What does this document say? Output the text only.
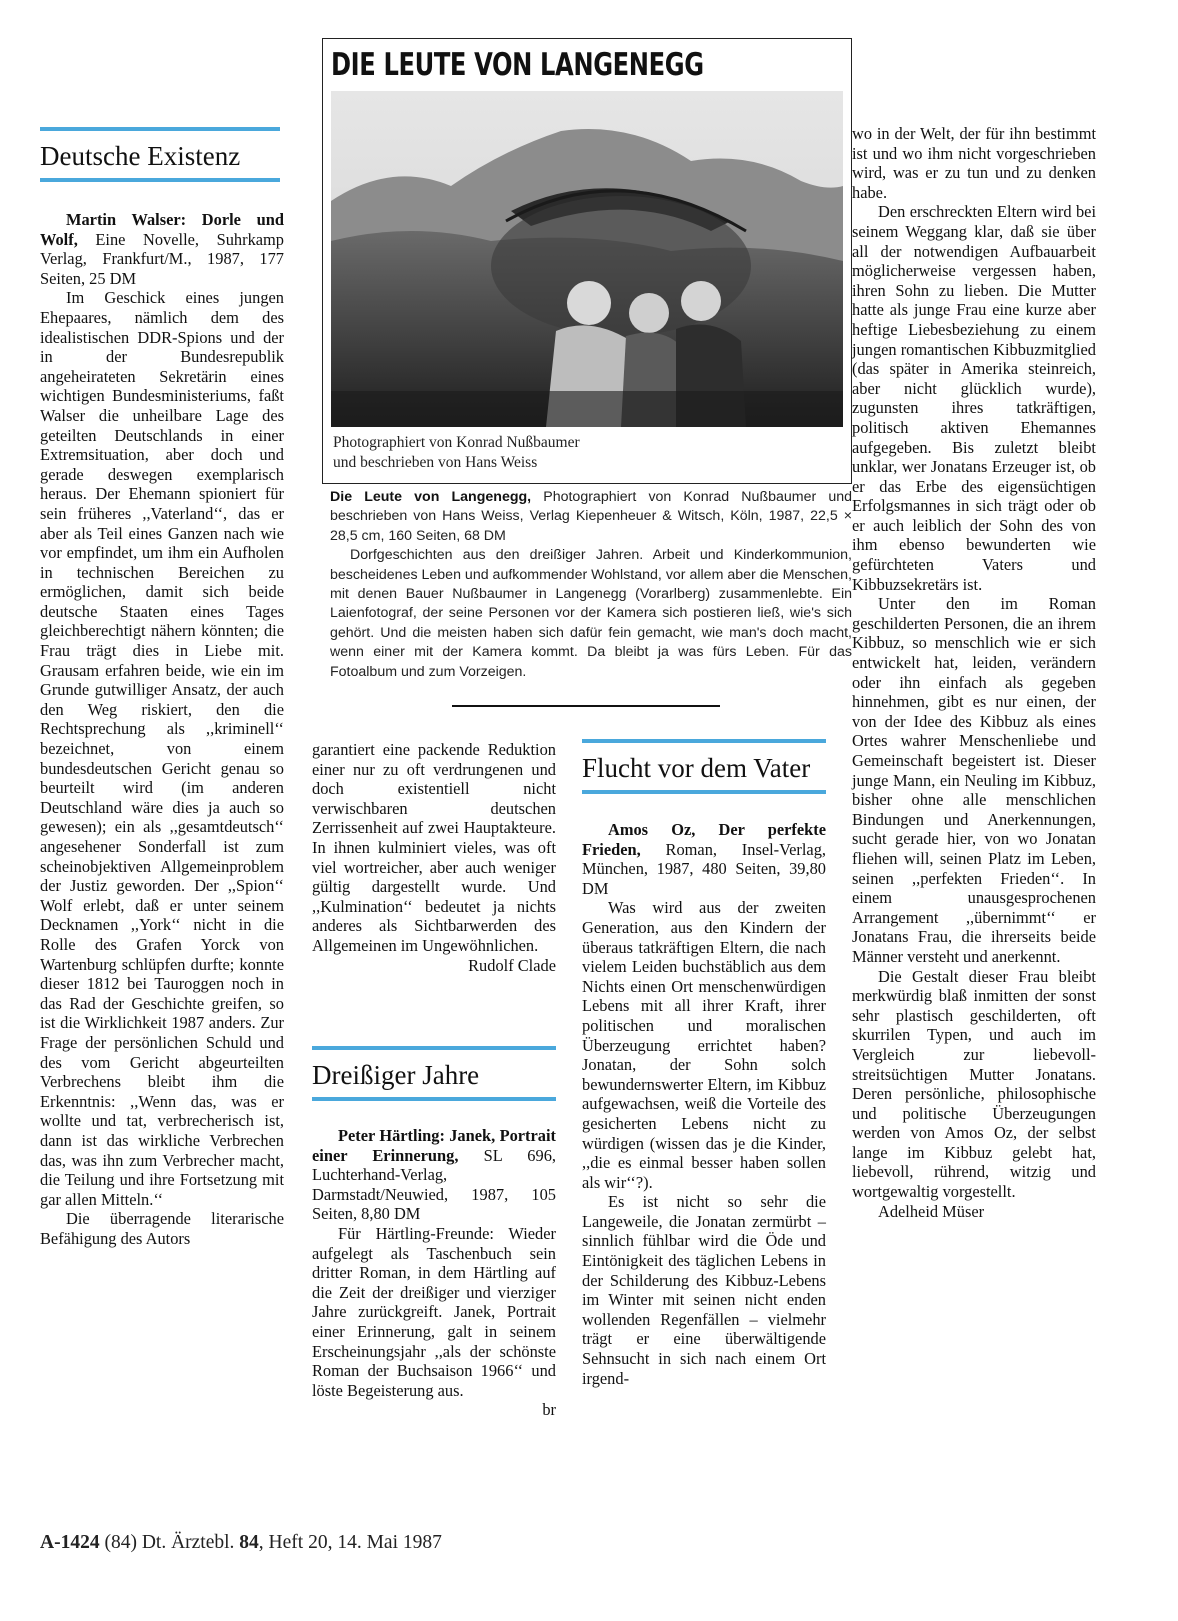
DIE LEUTE VON LANGENEGG
Photographiert von Konrad Nußbaumer
und beschrieben von Hans Weiss

Die Leute von Langenegg, Photographiert von Konrad Nußbaumer und beschrieben von Hans Weiss, Verlag Kiepenheuer & Witsch, Köln, 1987, 22,5 × 28,5 cm, 160 Seiten, 68 DM

Dorfgeschichten aus den dreißiger Jahren. Arbeit und Kinderkommunion, bescheidenes Leben und aufkommender Wohlstand, vor allem aber die Menschen, mit denen Bauer Nußbaumer in Langenegg (Vorarlberg) zusammenlebte. Ein Laienfotograf, der seine Personen vor der Kamera sich postieren ließ, wie's sich gehört. Und die meisten haben sich dafür fein gemacht, wie man's doch macht, wenn einer mit der Kamera kommt. Da bleibt ja was fürs Leben. Für das Fotoalbum und zum Vorzeigen.

Deutsche Existenz

Martin Walser: Dorle und Wolf, Eine Novelle, Suhrkamp Verlag, Frankfurt/M., 1987, 177 Seiten, 25 DM

Im Geschick eines jungen Ehepaares, nämlich dem des idealistischen DDR-Spions und der in der Bundesrepublik angeheirateten Sekretärin eines wichtigen Bundesministeriums, faßt Walser die unheilbare Lage des geteilten Deutschlands in einer Extremsituation, aber doch und gerade deswegen exemplarisch heraus. Der Ehemann spioniert für sein früheres ,,Vaterland‘‘, das er aber als Teil eines Ganzen nach wie vor empfindet, um ihm ein Aufholen in technischen Bereichen zu ermöglichen, damit sich beide deutsche Staaten eines Tages gleichberechtigt nähern könnten; die Frau trägt dies in Liebe mit. Grausam erfahren beide, wie ein im Grunde gutwilliger Ansatz, der auch den Weg riskiert, den die Rechtsprechung als ,,kriminell‘‘ bezeichnet, von einem bundesdeutschen Gericht genau so beurteilt wird (im anderen Deutschland wäre dies ja auch so gewesen); ein als ,,gesamtdeutsch‘‘ angesehener Sonderfall ist zum scheinobjektiven Allgemeinproblem der Justiz geworden. Der ,,Spion‘‘ Wolf erlebt, daß er unter seinem Decknamen ,,York‘‘ nicht in die Rolle des Grafen Yorck von Wartenburg schlüpfen durfte; konnte dieser 1812 bei Tauroggen noch in das Rad der Geschichte greifen, so ist die Wirklichkeit 1987 anders. Zur Frage der persönlichen Schuld und des vom Gericht abgeurteilten Verbrechens bleibt ihm die Erkenntnis: ,,Wenn das, was er wollte und tat, verbrecherisch ist, dann ist das wirkliche Verbrechen das, was ihn zum Verbrecher macht, die Teilung und ihre Fortsetzung mit gar allen Mitteln.‘‘

Die überragende literarische Befähigung des Autors

garantiert eine packende Reduktion einer nur zu oft verdrungenen und doch existentiell nicht verwischbaren deutschen Zerrissenheit auf zwei Hauptakteure. In ihnen kulminiert vieles, was oft viel wortreicher, aber auch weniger gültig dargestellt wurde. Und ,,Kulmination‘‘ bedeutet ja nichts anderes als Sichtbarwerden des Allgemeinen im Ungewöhnlichen.

Rudolf Clade

Dreißiger Jahre

Peter Härtling: Janek, Portrait einer Erinnerung, SL 696, Luchterhand-Verlag, Darmstadt/Neuwied, 1987, 105 Seiten, 8,80 DM

Für Härtling-Freunde: Wieder aufgelegt als Taschenbuch sein dritter Roman, in dem Härtling auf die Zeit der dreißiger und vierziger Jahre zurückgreift. Janek, Portrait einer Erinnerung, galt in seinem Erscheinungsjahr ,,als der schönste Roman der Buchsaison 1966‘‘ und löste Begeisterung aus.

br

Flucht vor dem Vater

Amos Oz, Der perfekte Frieden, Roman, Insel-Verlag, München, 1987, 480 Seiten, 39,80 DM

Was wird aus der zweiten Generation, aus den Kindern der überaus tatkräftigen Eltern, die nach vielem Leiden buchstäblich aus dem Nichts einen Ort menschenwürdigen Lebens mit all ihrer Kraft, ihrer politischen und moralischen Überzeugung errichtet haben? Jonatan, der Sohn solch bewundernswerter Eltern, im Kibbuz aufgewachsen, weiß die Vorteile des gesicherten Lebens nicht zu würdigen (wissen das je die Kinder, ,,die es einmal besser haben sollen als wir‘‘?).

Es ist nicht so sehr die Langeweile, die Jonatan zermürbt – sinnlich fühlbar wird die Öde und Eintönigkeit des täglichen Lebens in der Schilderung des Kibbuz-Lebens im Winter mit seinen nicht enden wollenden Regenfällen – vielmehr trägt er eine überwältigende Sehnsucht in sich nach einem Ort irgend-

wo in der Welt, der für ihn bestimmt ist und wo ihm nicht vorgeschrieben wird, was er zu tun und zu denken habe.

Den erschreckten Eltern wird bei seinem Weggang klar, daß sie über all der notwendigen Aufbauarbeit möglicherweise vergessen haben, ihren Sohn zu lieben. Die Mutter hatte als junge Frau eine kurze aber heftige Liebesbeziehung zu einem jungen romantischen Kibbuzmitglied (das später in Amerika steinreich, aber nicht glücklich wurde), zugunsten ihres tatkräftigen, politisch aktiven Ehemannes aufgegeben. Bis zuletzt bleibt unklar, wer Jonatans Erzeuger ist, ob er das Erbe des eigensüchtigen Erfolgsmannes in sich trägt oder ob er auch leiblich der Sohn des von ihm ebenso bewunderten wie gefürchteten Vaters und Kibbuzsekretärs ist.

Unter den im Roman geschilderten Personen, die an ihrem Kibbuz, so menschlich wie er sich entwickelt hat, leiden, verändern oder ihn einfach als gegeben hinnehmen, gibt es nur einen, der von der Idee des Kibbuz als eines Ortes wahrer Menschenliebe und Gemeinschaft begeistert ist. Dieser junge Mann, ein Neuling im Kibbuz, bisher ohne alle menschlichen Bindungen und Anerkennungen, sucht gerade hier, von wo Jonatan fliehen will, seinen Platz im Leben, seinen ,,perfekten Frieden‘‘. In einem unausgesprochenen Arrangement ,,übernimmt‘‘ er Jonatans Frau, die ihrerseits beide Männer versteht und anerkennt.

Die Gestalt dieser Frau bleibt merkwürdig blaß inmitten der sonst sehr plastisch geschilderten, oft skurrilen Typen, und auch im Vergleich zur liebevoll-streitsüchtigen Mutter Jonatans. Deren persönliche, philosophische und politische Überzeugungen werden von Amos Oz, der selbst lange im Kibbuz gelebt hat, liebevoll, rührend, witzig und wortgewaltig vorgestellt.

Adelheid Müser

A-1424 (84) Dt. Ärztebl. 84, Heft 20, 14. Mai 1987
